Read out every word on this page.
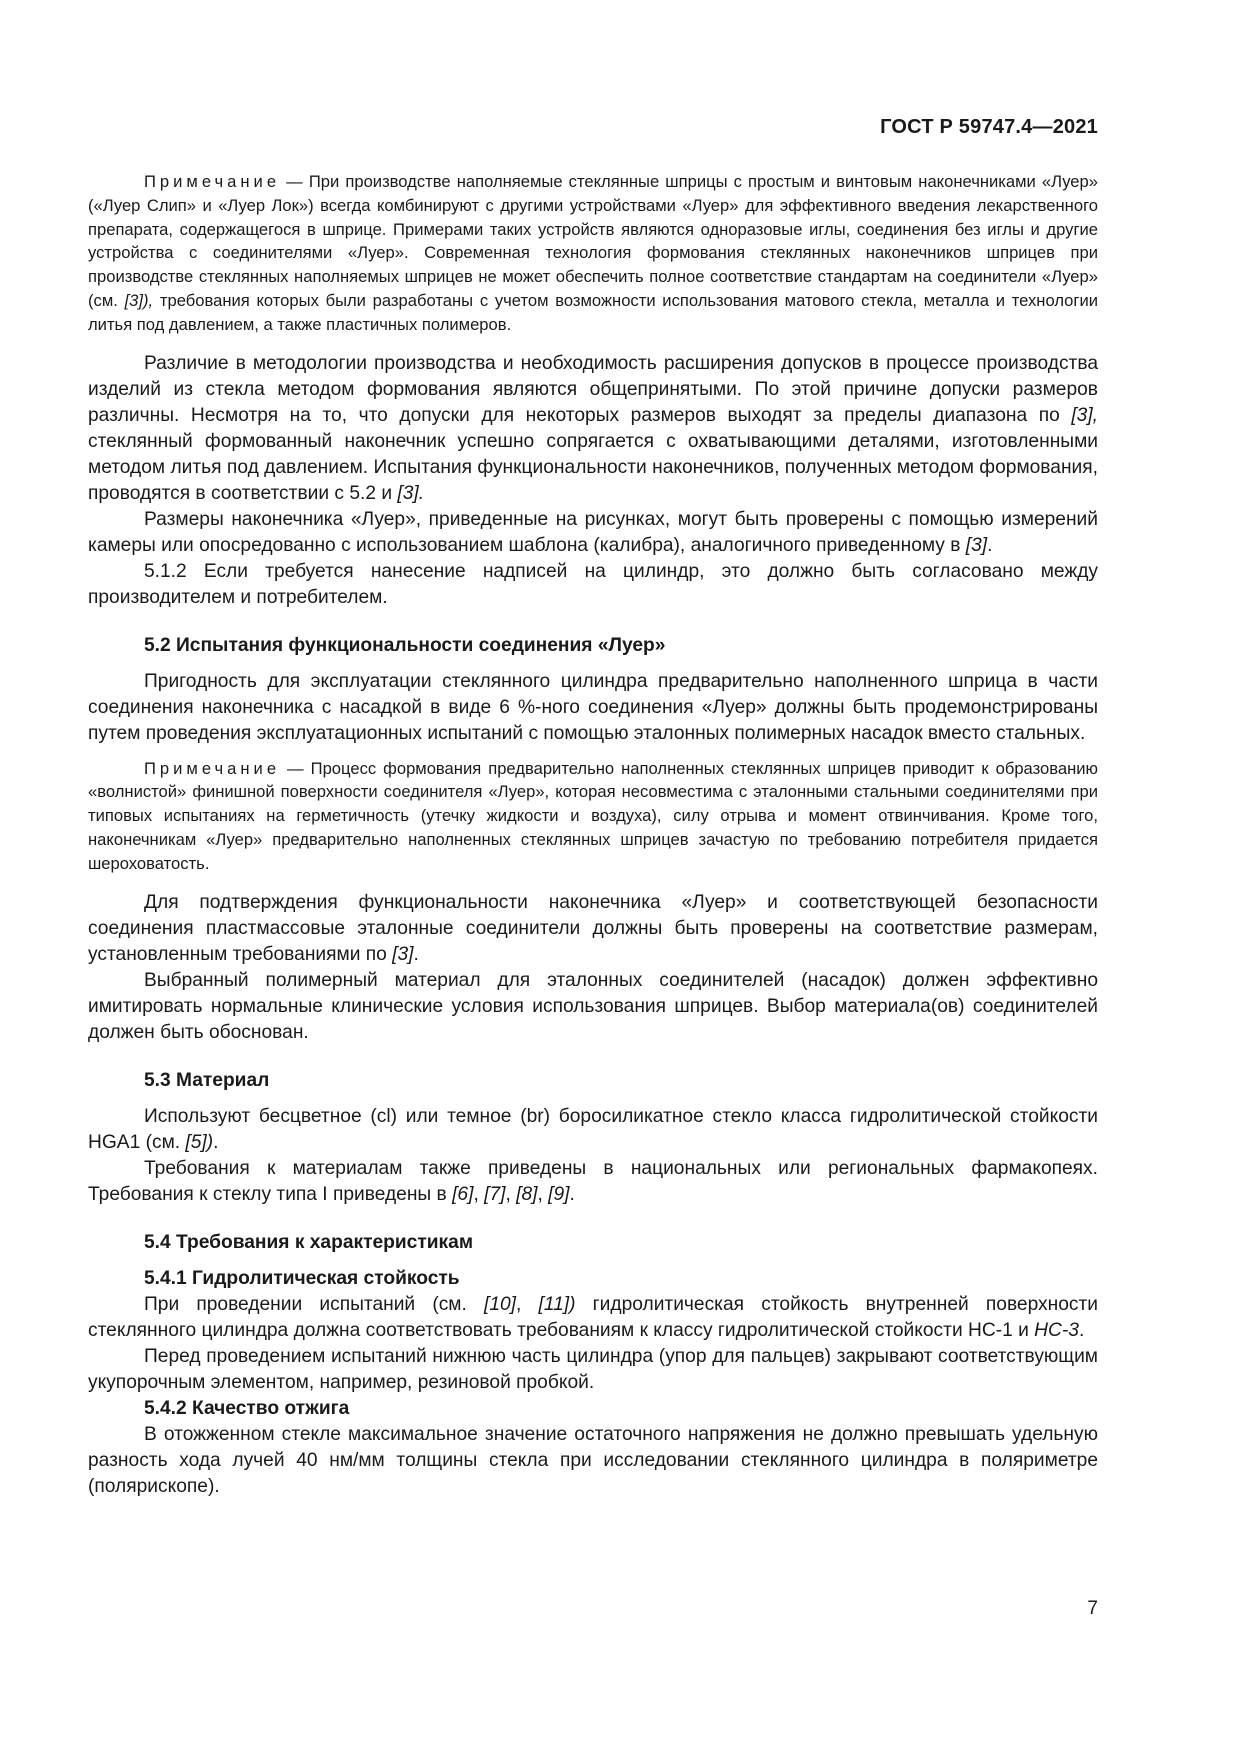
ГОСТ Р 59747.4—2021

Примечание — При производстве наполняемые стеклянные шприцы с простым и винтовым наконечниками «Луер» («Луер Слип» и «Луер Лок») всегда комбинируют с другими устройствами «Луер» для эффективного введения лекарственного препарата, содержащегося в шприце. Примерами таких устройств являются одноразовые иглы, соединения без иглы и другие устройства с соединителями «Луер». Современная технология формования стеклянных наконечников шприцев при производстве стеклянных наполняемых шприцев не может обеспечить полное соответствие стандартам на соединители «Луер» (см. [3]), требования которых были разработаны с учетом возможности использования матового стекла, металла и технологии литья под давлением, а также пластичных полимеров.

Различие в методологии производства и необходимость расширения допусков в процессе производства изделий из стекла методом формования являются общепринятыми. По этой причине допуски размеров различны. Несмотря на то, что допуски для некоторых размеров выходят за пределы диапазона по [3], стеклянный формованный наконечник успешно сопрягается с охватывающими деталями, изготовленными методом литья под давлением. Испытания функциональности наконечников, полученных методом формования, проводятся в соответствии с 5.2 и [3].

Размеры наконечника «Луер», приведенные на рисунках, могут быть проверены с помощью измерений камеры или опосредованно с использованием шаблона (калибра), аналогичного приведенному в [3].

5.1.2 Если требуется нанесение надписей на цилиндр, это должно быть согласовано между производителем и потребителем.

5.2 Испытания функциональности соединения «Луер»

Пригодность для эксплуатации стеклянного цилиндра предварительно наполненного шприца в части соединения наконечника с насадкой в виде 6 %-ного соединения «Луер» должны быть продемонстрированы путем проведения эксплуатационных испытаний с помощью эталонных полимерных насадок вместо стальных.

Примечание — Процесс формования предварительно наполненных стеклянных шприцев приводит к образованию «волнистой» финишной поверхности соединителя «Луер», которая несовместима с эталонными стальными соединителями при типовых испытаниях на герметичность (утечку жидкости и воздуха), силу отрыва и момент отвинчивания. Кроме того, наконечникам «Луер» предварительно наполненных стеклянных шприцев зачастую по требованию потребителя придается шероховатость.

Для подтверждения функциональности наконечника «Луер» и соответствующей безопасности соединения пластмассовые эталонные соединители должны быть проверены на соответствие размерам, установленным требованиями по [3].

Выбранный полимерный материал для эталонных соединителей (насадок) должен эффективно имитировать нормальные клинические условия использования шприцев. Выбор материала(ов) соединителей должен быть обоснован.

5.3 Материал

Используют бесцветное (cl) или темное (br) боросиликатное стекло класса гидролитической стойкости HGA1 (см. [5]).

Требования к материалам также приведены в национальных или региональных фармакопеях. Требования к стеклу типа I приведены в [6], [7], [8], [9].

5.4 Требования к характеристикам

5.4.1 Гидролитическая стойкость

При проведении испытаний (см. [10], [11]) гидролитическая стойкость внутренней поверхности стеклянного цилиндра должна соответствовать требованиям к классу гидролитической стойкости НС-1 и НС-3.

Перед проведением испытаний нижнюю часть цилиндра (упор для пальцев) закрывают соответствующим укупорочным элементом, например, резиновой пробкой.

5.4.2 Качество отжига

В отожженном стекле максимальное значение остаточного напряжения не должно превышать удельную разность хода лучей 40 нм/мм толщины стекла при исследовании стеклянного цилиндра в поляриметре (полярископе).

7
